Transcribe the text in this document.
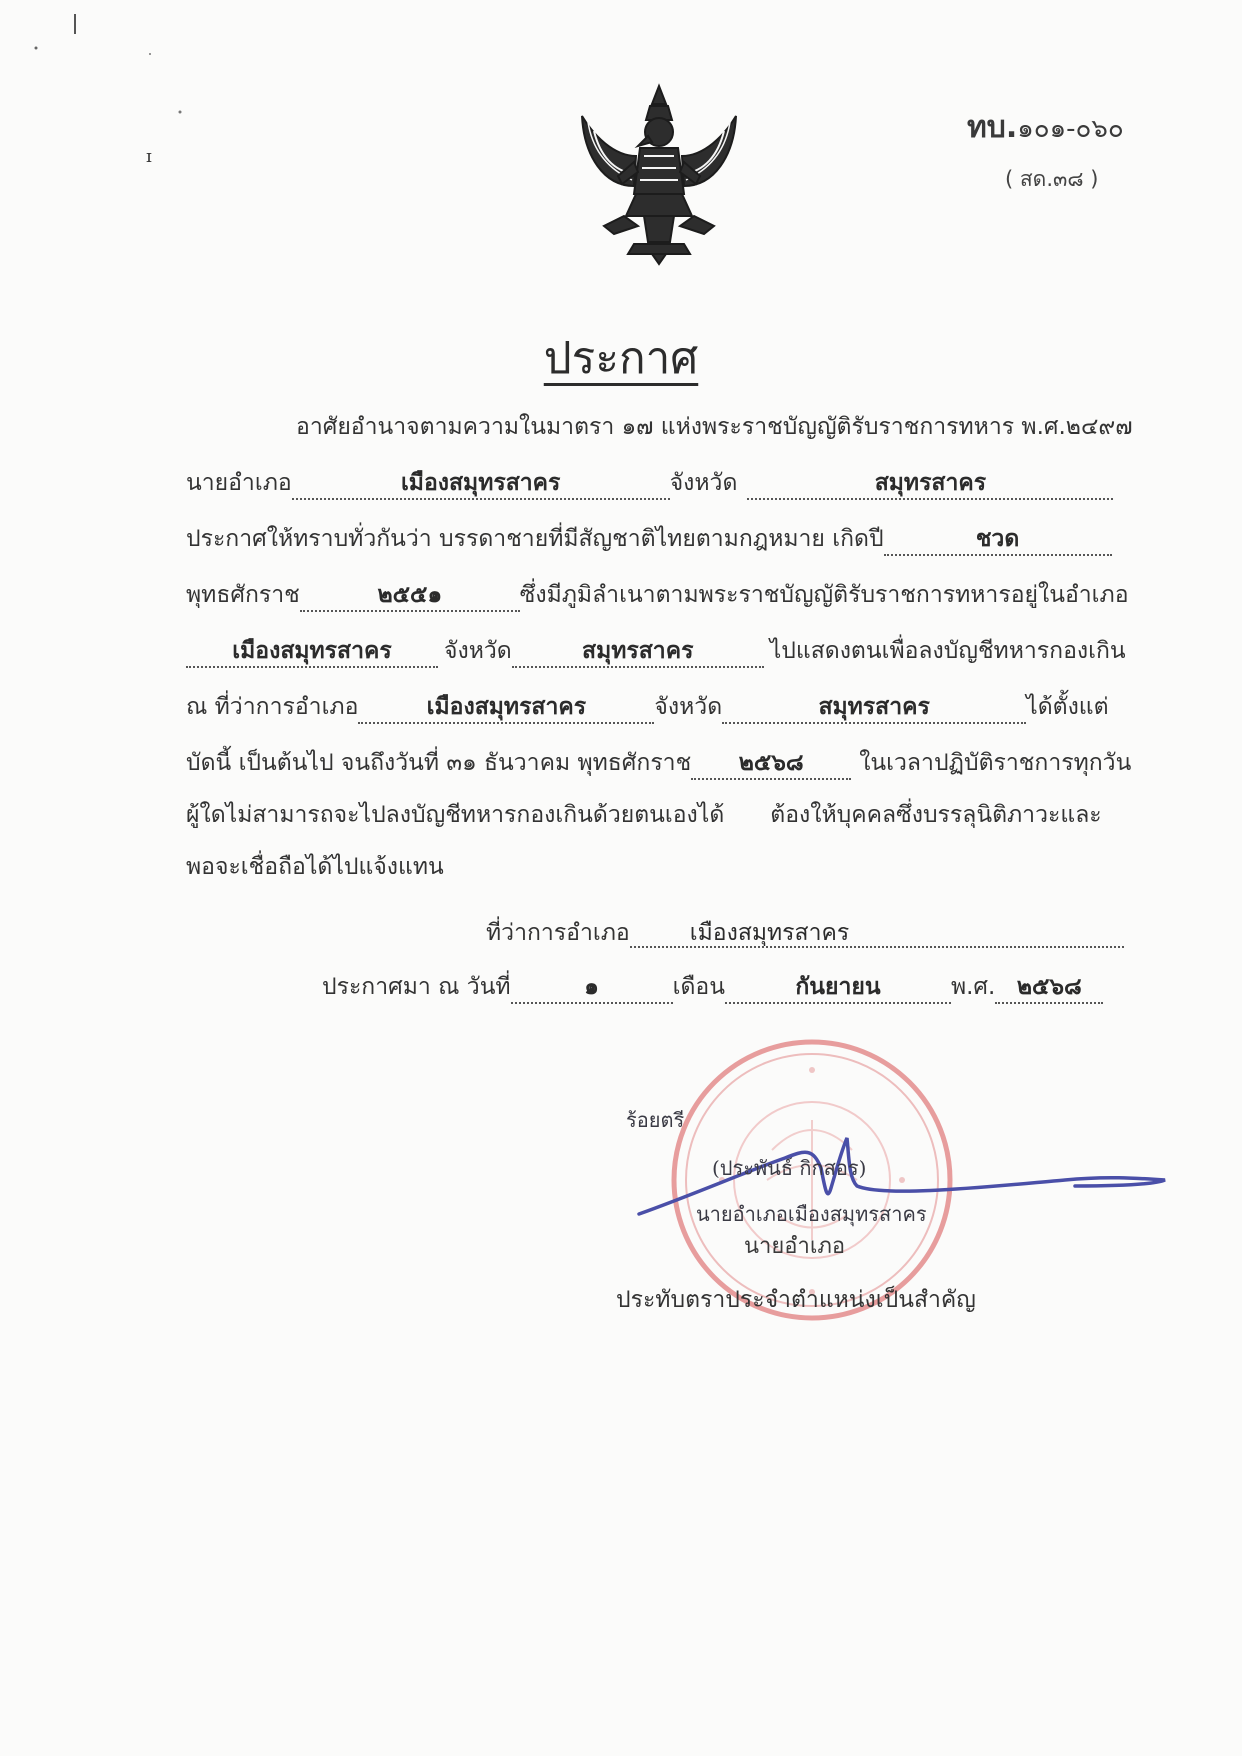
ɪ
ทบ.๑๐๑-๐๖๐
( สด.๓๘ )
ประกาศ
อาศัยอำนาจตามความในมาตรา ๑๗ แห่งพระราชบัญญัติรับราชการทหาร พ.ศ.๒๔๙๗
นายอำเภอ	เมืองสมุทรสาคร	จังหวัด	สมุทรสาคร
ประกาศให้ทราบทั่วกันว่า บรรดาชายที่มีสัญชาติไทยตามกฎหมาย เกิดปี	ชวด
พุทธศักราช	๒๕๕๑	ซึ่งมีภูมิลำเนาตามพระราชบัญญัติรับราชการทหารอยู่ในอำเภอ
เมืองสมุทรสาคร จังหวัด	สมุทรสาคร	ไปแสดงตนเพื่อลงบัญชีทหารกองเกิน
ณ ที่ว่าการอำเภอ	เมืองสมุทรสาคร	จังหวัด	สมุทรสาคร	ได้ตั้งแต่
บัดนี้ เป็นต้นไป จนถึงวันที่ ๓๑ ธันวาคม พุทธศักราช ๒๕๖๘ ในเวลาปฏิบัติราชการทุกวัน
ผู้ใดไม่สามารถจะไปลงบัญชีทหารกองเกินด้วยตนเองได้ ต้องให้บุคคลซึ่งบรรลุนิติภาวะและ
พอจะเชื่อถือได้ไปแจ้งแทน
ที่ว่าการอำเภอ	เมืองสมุทรสาคร
ประกาศมา ณ วันที่	๑	เดือน	กันยายน	พ.ศ. ๒๕๖๘
ร้อยตรี
(ประพันธ์ กิกสอร)
นายอำเภอเมืองสมุทรสาคร
นายอำเภอ
ประทับตราประจำตำแหน่งเป็นสำคัญ
